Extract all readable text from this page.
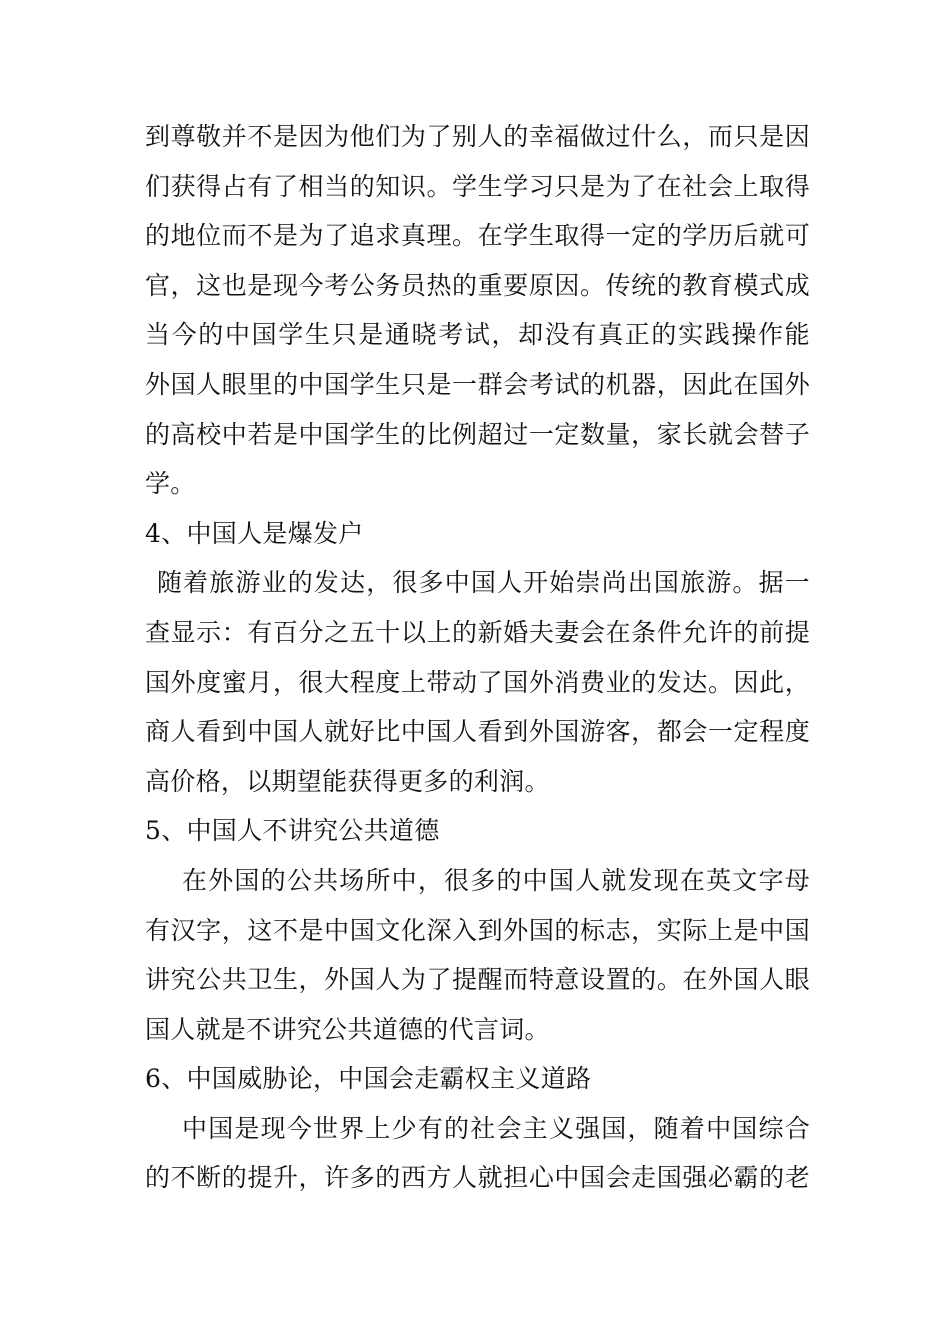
到尊敬并不是因为他们为了别人的幸福做过什么，而只是因
们获得占有了相当的知识。学生学习只是为了在社会上取得
的地位而不是为了追求真理。在学生取得一定的学历后就可
官，这也是现今考公务员热的重要原因。传统的教育模式成
当今的中国学生只是通晓考试，却没有真正的实践操作能
外国人眼里的中国学生只是一群会考试的机器，因此在国外
的高校中若是中国学生的比例超过一定数量，家长就会替子
学。
4、中国人是爆发户
随着旅游业的发达，很多中国人开始崇尚出国旅游。据一
查显示：有百分之五十以上的新婚夫妻会在条件允许的前提
国外度蜜月，很大程度上带动了国外消费业的发达。因此，
商人看到中国人就好比中国人看到外国游客，都会一定程度
高价格，以期望能获得更多的利润。
5、中国人不讲究公共道德
在外国的公共场所中，很多的中国人就发现在英文字母
有汉字，这不是中国文化深入到外国的标志，实际上是中国
讲究公共卫生，外国人为了提醒而特意设置的。在外国人眼
国人就是不讲究公共道德的代言词。
6、中国威胁论，中国会走霸权主义道路
中国是现今世界上少有的社会主义强国，随着中国综合
的不断的提升，许多的西方人就担心中国会走国强必霸的老
